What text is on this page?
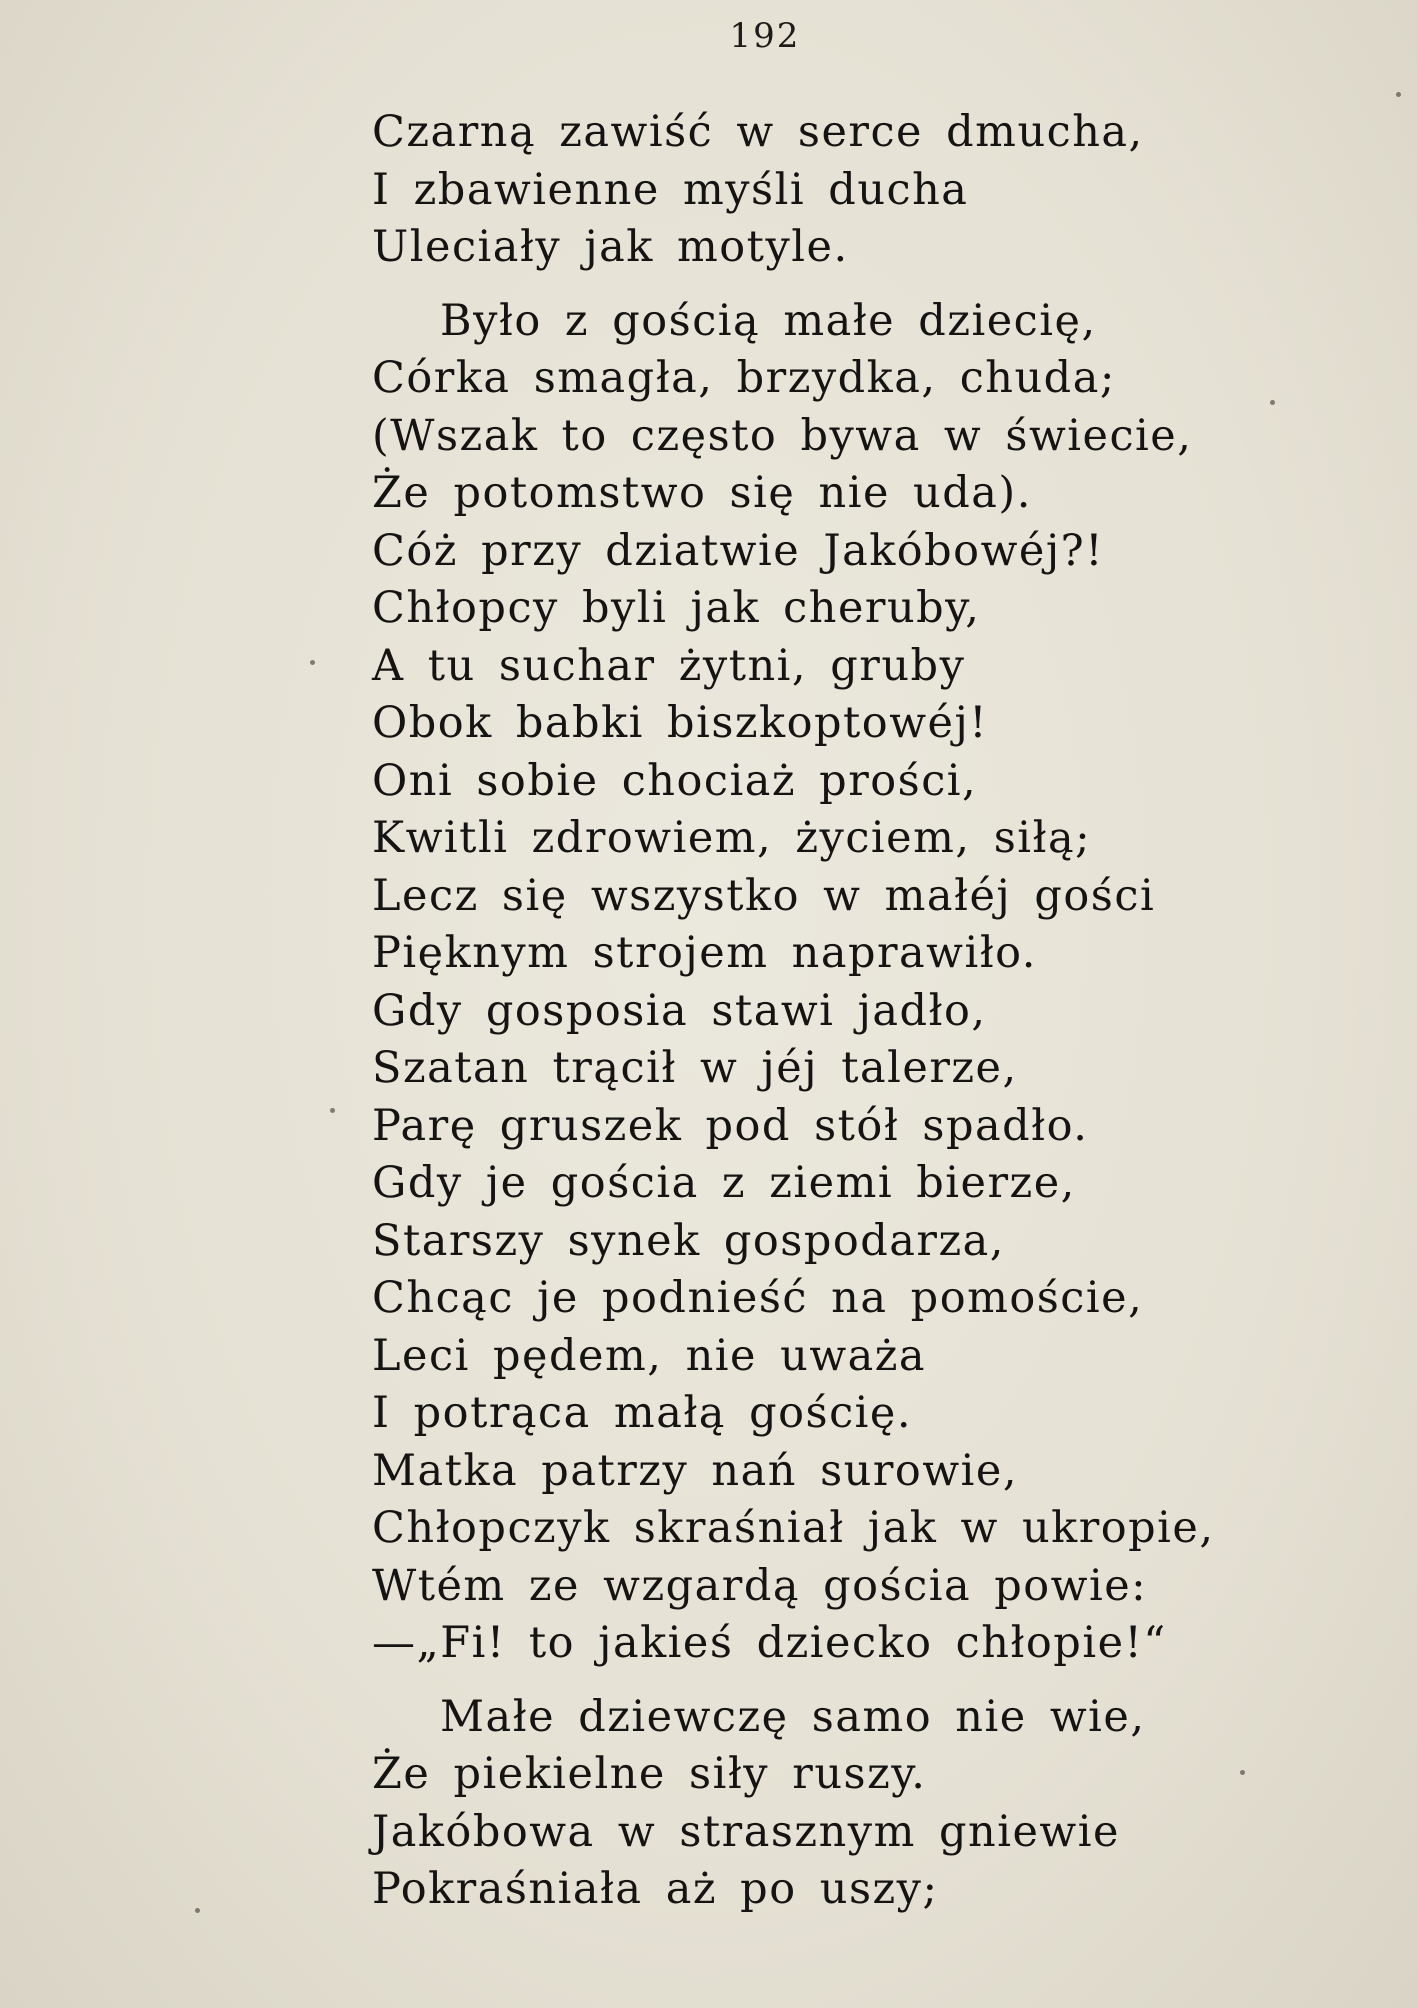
192
Czarną zawiść w serce dmucha,
I zbawienne myśli ducha
Uleciały jak motyle.
Było z gością małe dziecię,
Córka smagła, brzydka, chuda;
(Wszak to często bywa w świecie,
Że potomstwo się nie uda).
Cóż przy dziatwie Jakóbowéj?!
Chłopcy byli jak cheruby,
A tu suchar żytni, gruby
Obok babki biszkoptowéj!
Oni sobie chociaż prości,
Kwitli zdrowiem, życiem, siłą;
Lecz się wszystko w małéj gości
Pięknym strojem naprawiło.
Gdy gosposia stawi jadło,
Szatan trącił w jéj talerze,
Parę gruszek pod stół spadło.
Gdy je gościa z ziemi bierze,
Starszy synek gospodarza,
Chcąc je podnieść na pomoście,
Leci pędem, nie uważa
I potrąca małą gościę.
Matka patrzy nań surowie,
Chłopczyk skraśniał jak w ukropie,
Wtém ze wzgardą gościa powie:
—„Fi! to jakieś dziecko chłopie!“
Małe dziewczę samo nie wie,
Że piekielne siły ruszy.
Jakóbowa w strasznym gniewie
Pokraśniała aż po uszy;
